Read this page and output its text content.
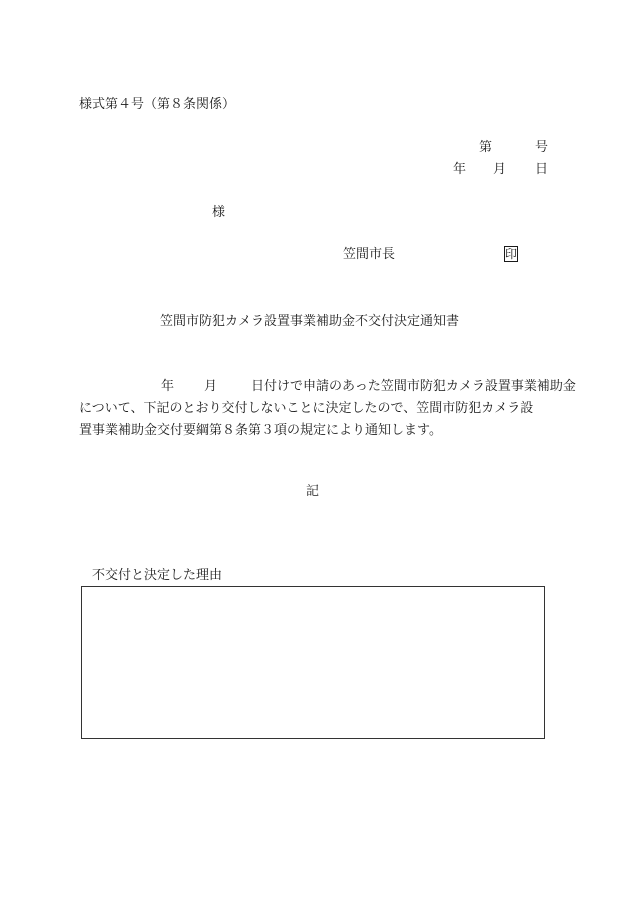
様式第４号（第８条関係）
第	号
年 月 日
様
笠間市長	印
笠間市防犯カメラ設置事業補助金不交付決定通知書
年 月	日付けで申請のあった笠間市防犯カメラ設置事業補助金
について、下記のとおり交付しないことに決定したので、笠間市防犯カメラ設
置事業補助金交付要綱第８条第３項の規定により通知します。
記
不交付と決定した理由
